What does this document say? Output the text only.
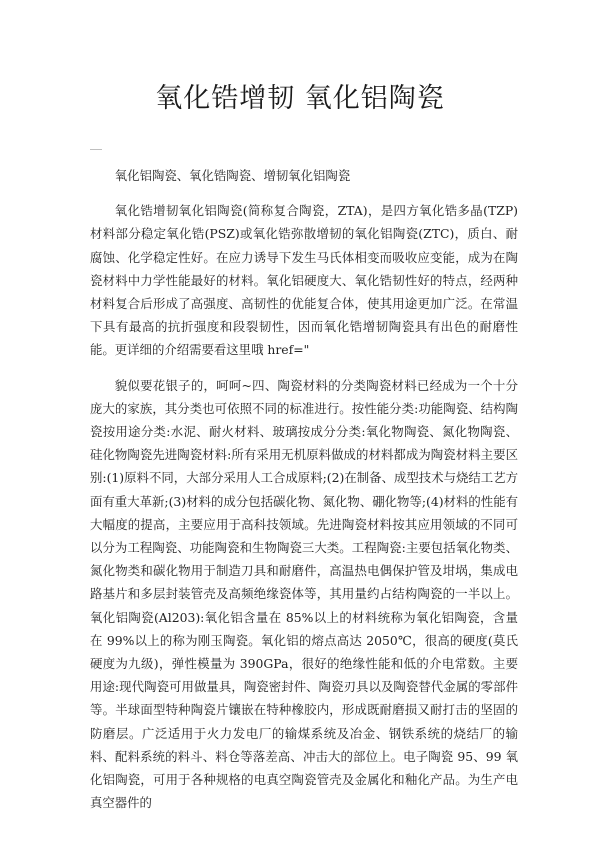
氧化锆增韧 氧化铝陶瓷

氧化铝陶瓷、氧化锆陶瓷、增韧氧化铝陶瓷

氧化锆增韧氧化铝陶瓷(简称复合陶瓷，ZTA)，是四方氧化锆多晶(TZP)材料部分稳定氧化锆(PSZ)或氧化锆弥散增韧的氧化铝陶瓷(ZTC)，质白、耐腐蚀、化学稳定性好。在应力诱导下发生马氏体相变而吸收应变能，成为在陶瓷材料中力学性能最好的材料。氧化铝硬度大、氧化锆韧性好的特点，经两种材料复合后形成了高强度、高韧性的优能复合体，使其用途更加广泛。在常温下具有最高的抗折强度和段裂韧性，因而氧化锆增韧陶瓷具有出色的耐磨性能。更详细的介绍需要看这里哦 href="

貌似要花银子的，呵呵~四、陶瓷材料的分类陶瓷材料已经成为一个十分庞大的家族，其分类也可依照不同的标准进行。按性能分类:功能陶瓷、结构陶瓷按用途分类:水泥、耐火材料、玻璃按成分分类:氧化物陶瓷、氮化物陶瓷、硅化物陶瓷先进陶瓷材料:所有采用无机原料做成的材料都成为陶瓷材料主要区别:(1)原料不同，大部分采用人工合成原料;(2)在制备、成型技术与烧结工艺方面有重大革新;(3)材料的成分包括碳化物、氮化物、硼化物等;(4)材料的性能有大幅度的提高，主要应用于高科技领域。先进陶瓷材料按其应用领域的不同可以分为工程陶瓷、功能陶瓷和生物陶瓷三大类。工程陶瓷:主要包括氧化物类、氮化物类和碳化物用于制造刀具和耐磨件，高温热电偶保护管及坩埚，集成电路基片和多层封装管壳及高频绝缘瓷体等，其用量约占结构陶瓷的一半以上。氧化铝陶瓷(Al203):氧化铝含量在 85%以上的材料统称为氧化铝陶瓷，含量在 99%以上的称为刚玉陶瓷。氧化铝的熔点高达 2050℃，很高的硬度(莫氏硬度为九级)，弹性模量为 390GPa，很好的绝缘性能和低的介电常数。主要用途:现代陶瓷可用做量具，陶瓷密封件、陶瓷刃具以及陶瓷替代金属的零部件等。半球面型特种陶瓷片镶嵌在特种橡胶内，形成既耐磨损又耐打击的坚固的防磨层。广泛适用于火力发电厂的输煤系统及冶金、钢铁系统的烧结厂的输料、配料系统的料斗、料仓等落差高、冲击大的部位上。电子陶瓷 95、99 氧化铝陶瓷，可用于各种规格的电真空陶瓷管壳及金属化和釉化产品。为生产电真空器件的
